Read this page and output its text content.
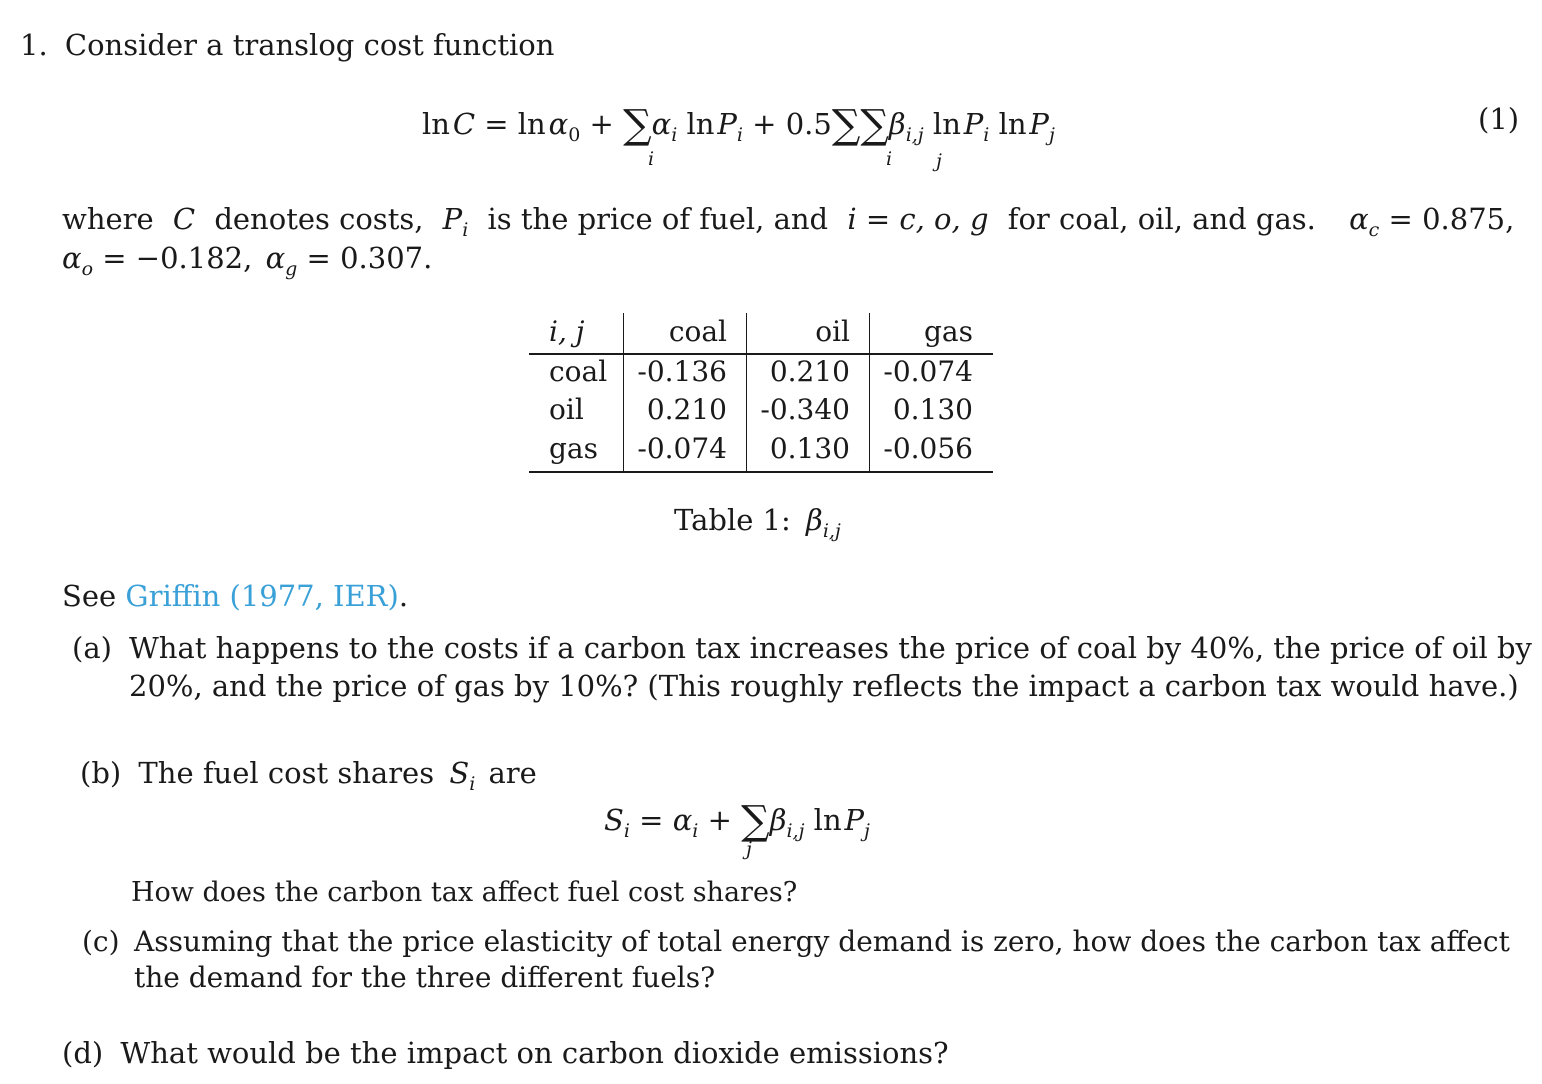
1. Consider a translog cost function
ln C = ln $\alpha_0 + \sum\alpha_i$ ln $P_i + 0.5\sum\sum\beta_{i,j}$ ln $P_i$ ln $P_j$
i	i j
(1)
where C denotes costs, $P_i$ is the price of fuel, and i = c, o, g for coal, oil, and gas. $\alpha_c = 0.875$,
$\alpha_o = -0.182$, $\alpha_g = 0.307$.
i, j	coal	oil	gas
coal -0.136 0.210 -0.074
oil 0.210 -0.340 0.130
gas -0.074 0.130 -0.056
Table 1: $\beta_{i,j}$
See Griffin (1977, IER).
(a) What happens to the costs if a carbon tax increases the price of coal by 40%, the price of oil by
20%, and the price of gas by 10%? (This roughly reflects the impact a carbon tax would have.)
(b) The fuel cost shares $S_i$ are
$S_i = \alpha_i + \sum\beta_{i,j}$ ln $P_j$
j
How does the carbon tax affect fuel cost shares?
(c) Assuming that the price elasticity of total energy demand is zero, how does the carbon tax affect
the demand for the three different fuels?
(d) What would be the impact on carbon dioxide emissions?
